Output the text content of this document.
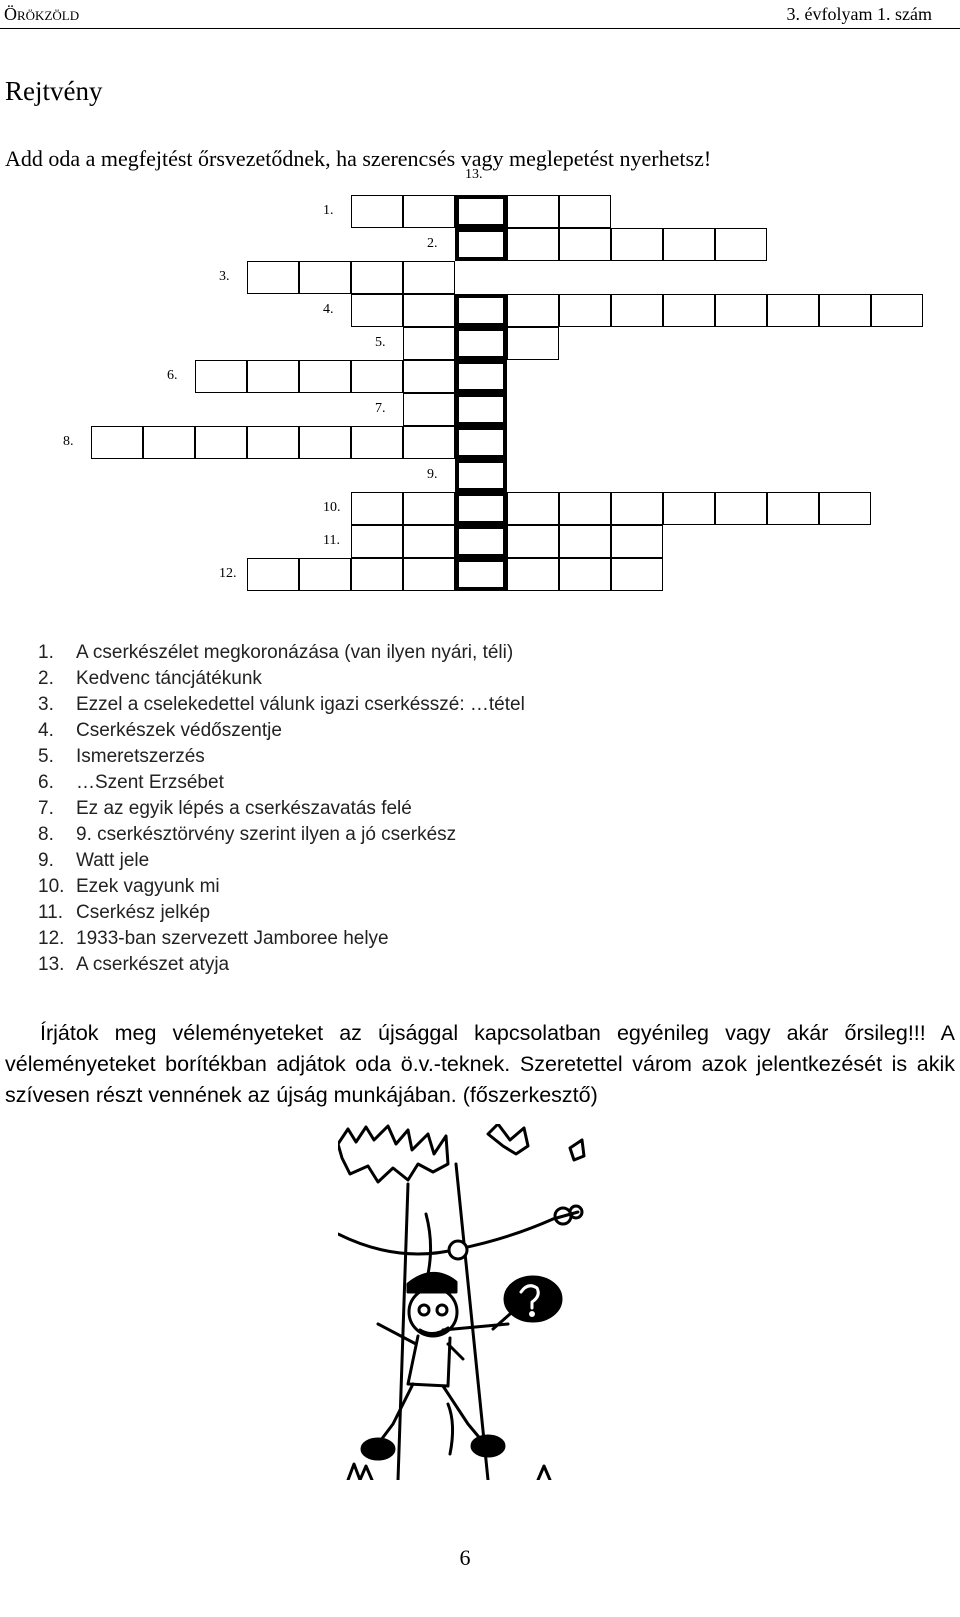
Örökzöld	3. évfolyam 1. szám
Rejtvény
Add oda a megfejtést őrsvezetődnek, ha szerencsés vagy meglepetést nyerhetsz!
13.
1.
2.
3.
4.
5.
6.
7.
8.
9.
10.
11.
12.
1. A cserkészélet megkoronázása (van ilyen nyári, téli)
2. Kedvenc táncjátékunk
3. Ezzel a cselekedettel válunk igazi cserkésszé: …tétel
4. Cserkészek védőszentje
5. Ismeretszerzés
6. …Szent Erzsébet
7. Ez az egyik lépés a cserkészavatás felé
8. 9. cserkésztörvény szerint ilyen a jó cserkész
9. Watt jele
10. Ezek vagyunk mi
11. Cserkész jelkép
12. 1933-ban szervezett Jamboree helye
13. A cserkészet atyja
Írjátok meg véleményeteket az újsággal kapcsolatban egyénileg vagy akár őrsileg!!! A véleményeteket borítékban adjátok oda ö.v.-teknek. Szeretettel várom azok jelentkezését is akik szívesen részt vennének az újság munkájában. (főszerkesztő)
6
